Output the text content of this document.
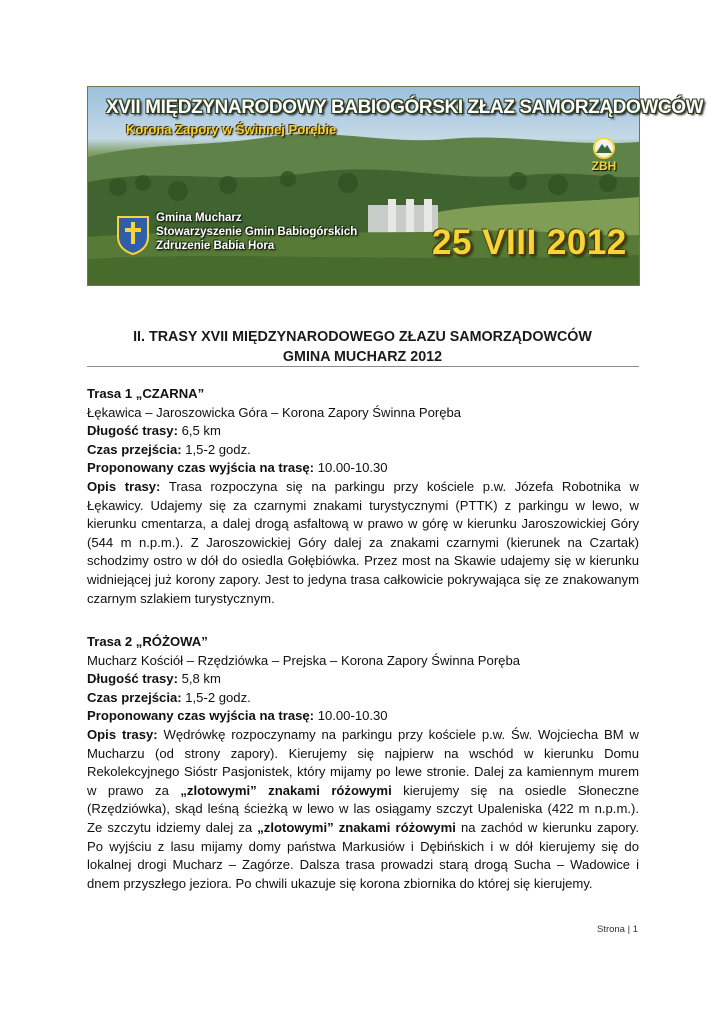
XVII MIĘDZYNARODOWY BABIOGÓRSKI ZŁAZ SAMORZĄDOWCÓW
Korona Zapory w Świnnej Porębie
ZBH
Gmina Mucharz
Stowarzyszenie Gmin Babiogórskich
Zdruzenie Babia Hora	25 VIII 2012
II. TRASY XVII MIĘDZYNARODOWEGO ZŁAZU SAMORZĄDOWCÓW
GMINA MUCHARZ 2012

Trasa 1 „CZARNA”

Łękawica – Jaroszowicka Góra – Korona Zapory Świnna Poręba

Długość trasy: 6,5 km

Czas przejścia: 1,5-2 godz.

Proponowany czas wyjścia na trasę: 10.00-10.30

Opis trasy: Trasa rozpoczyna się na parkingu przy kościele p.w. Józefa Robotnika w Łękawicy. Udajemy się za czarnymi znakami turystycznymi (PTTK) z parkingu w lewo, w kierunku cmentarza, a dalej drogą asfaltową w prawo w górę w kierunku Jaroszowickiej Góry (544 m n.p.m.). Z Jaroszowickiej Góry dalej za znakami czarnymi (kierunek na Czartak) schodzimy ostro w dół do osiedla Gołębiówka. Przez most na Skawie udajemy się w kierunku widniejącej już korony zapory. Jest to jedyna trasa całkowicie pokrywająca się ze znakowanym czarnym szlakiem turystycznym.

Trasa 2 „RÓŻOWA”

Mucharz Kościół – Rzędziówka – Prejska – Korona Zapory Świnna Poręba

Długość trasy: 5,8 km

Czas przejścia: 1,5-2 godz.

Proponowany czas wyjścia na trasę: 10.00-10.30

Opis trasy: Wędrówkę rozpoczynamy na parkingu przy kościele p.w. Św. Wojciecha BM w Mucharzu (od strony zapory). Kierujemy się najpierw na wschód w kierunku Domu Rekolekcyjnego Sióstr Pasjonistek, który mijamy po lewe stronie. Dalej za kamiennym murem w prawo za „zlotowymi” znakami różowymi kierujemy się na osiedle Słoneczne (Rzędziówka), skąd leśną ścieżką w lewo w las osiągamy szczyt Upaleniska (422 m n.p.m.). Ze szczytu idziemy dalej za „zlotowymi” znakami różowymi na zachód w kierunku zapory. Po wyjściu z lasu mijamy domy państwa Markusiów i Dębińskich i w dół kierujemy się do lokalnej drogi Mucharz – Zagórze. Dalsza trasa prowadzi starą drogą Sucha – Wadowice i dnem przyszłego jeziora. Po chwili ukazuje się korona zbiornika do której się kierujemy.

Strona | 1
